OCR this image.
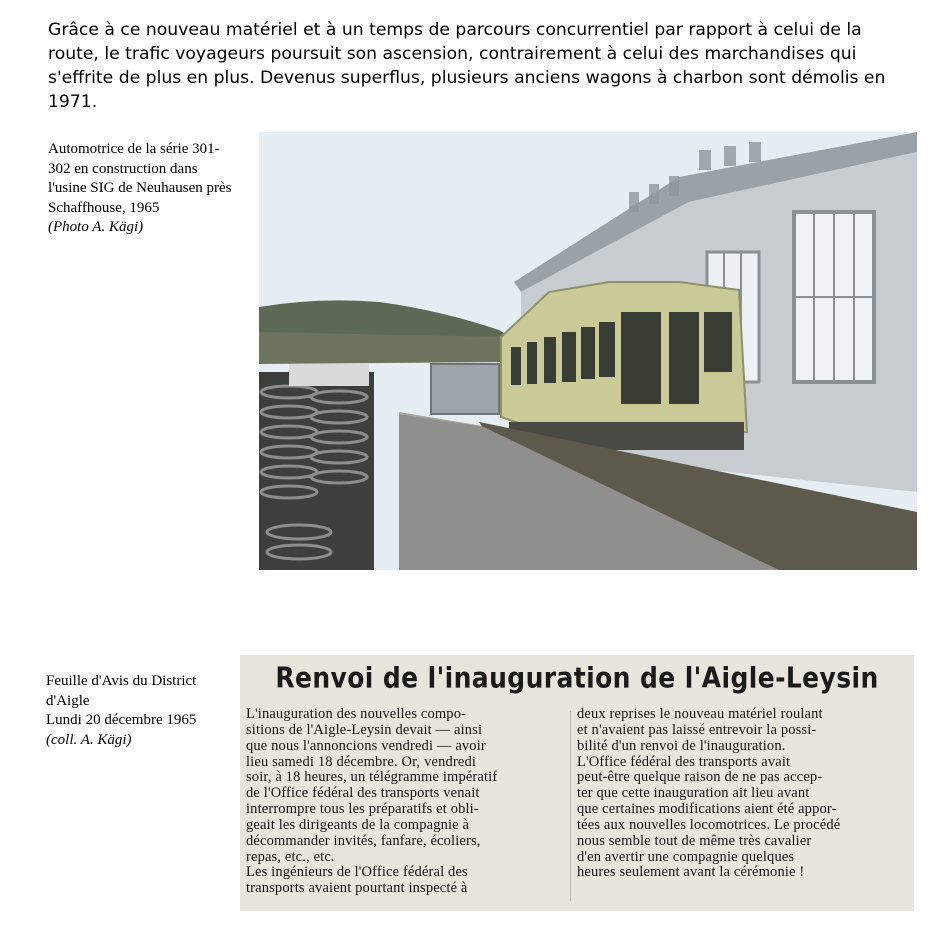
Grâce à ce nouveau matériel et à un temps de parcours concurrentiel par rapport à celui de la route, le trafic voyageurs poursuit son ascension, contrairement à celui des marchandises qui s'effrite de plus en plus. Devenus superflus, plusieurs anciens wagons à charbon sont démolis en 1971.

Automotrice de la série 301-
302 en construction dans
l'usine SIG de Neuhausen près
Schaffhouse, 1965
(Photo A. Kägi)
Feuille d'Avis du District
d'Aigle
Lundi 20 décembre 1965
(coll. A. Kägi)
Renvoi de l'inauguration de l'Aigle-Leysin
L'inauguration des nouvelles compo-
sitions de l'Aigle-Leysin devait — ainsi
que nous l'annoncions vendredi — avoir
lieu samedi 18 décembre. Or, vendredi
soir, à 18 heures, un télégramme impératif
de l'Office fédéral des transports venait
interrompre tous les préparatifs et obli-
geait les dirigeants de la compagnie à
décommander invités, fanfare, écoliers,
repas, etc., etc.
Les ingénieurs de l'Office fédéral des
transports avaient pourtant inspecté à
deux reprises le nouveau matériel roulant
et n'avaient pas laissé entrevoir la possi-
bilité d'un renvoi de l'inauguration.
L'Office fédéral des transports avait
peut-être quelque raison de ne pas accep-
ter que cette inauguration ait lieu avant
que certaines modifications aient été appor-
tées aux nouvelles locomotrices. Le procédé
nous semble tout de même très cavalier
d'en avertir une compagnie quelques
heures seulement avant la cérémonie !
